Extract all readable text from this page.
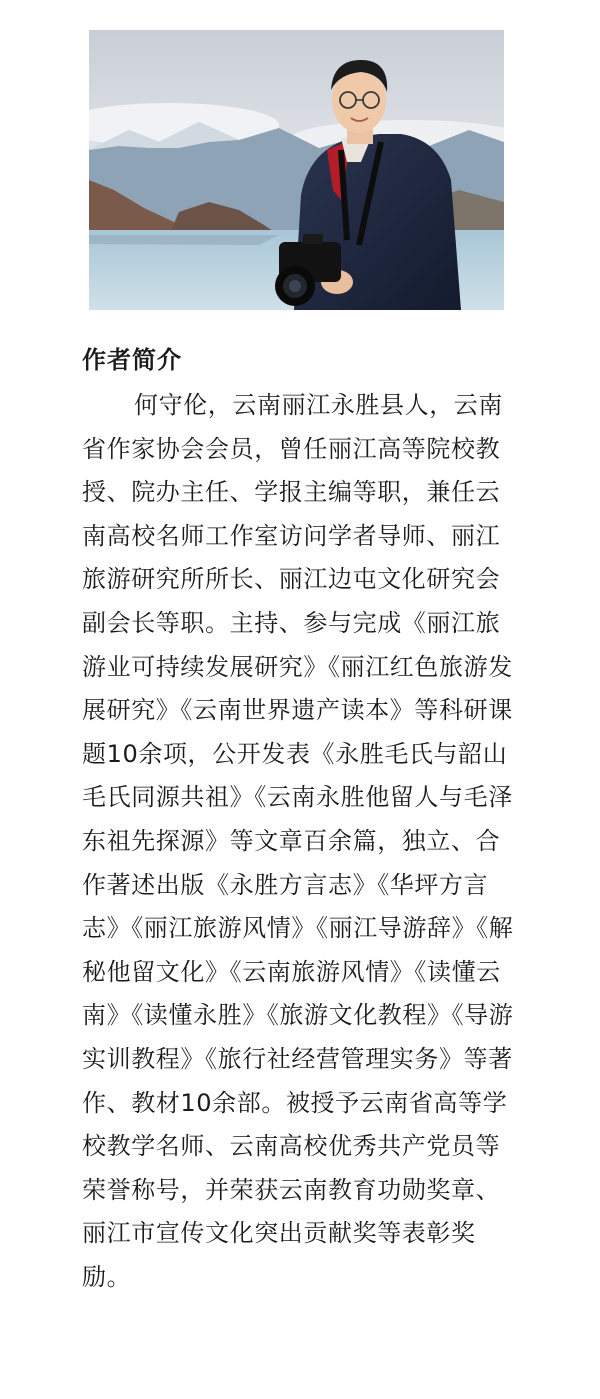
作者简介

何守伦，云南丽江永胜县人，云南省作家协会会员，曾任丽江高等院校教授、院办主任、学报主编等职，兼任云南高校名师工作室访问学者导师、丽江旅游研究所所长、丽江边屯文化研究会副会长等职。主持、参与完成《丽江旅游业可持续发展研究》《丽江红色旅游发展研究》《云南世界遗产读本》等科研课题10余项，公开发表《永胜毛氏与韶山毛氏同源共祖》《云南永胜他留人与毛泽东祖先探源》等文章百余篇，独立、合作著述出版《永胜方言志》《华坪方言志》《丽江旅游风情》《丽江导游辞》《解秘他留文化》《云南旅游风情》《读懂云南》《读懂永胜》《旅游文化教程》《导游实训教程》《旅行社经营管理实务》等著作、教材10余部。被授予云南省高等学校教学名师、云南高校优秀共产党员等荣誉称号，并荣获云南教育功勋奖章、丽江市宣传文化突出贡献奖等表彰奖励。
